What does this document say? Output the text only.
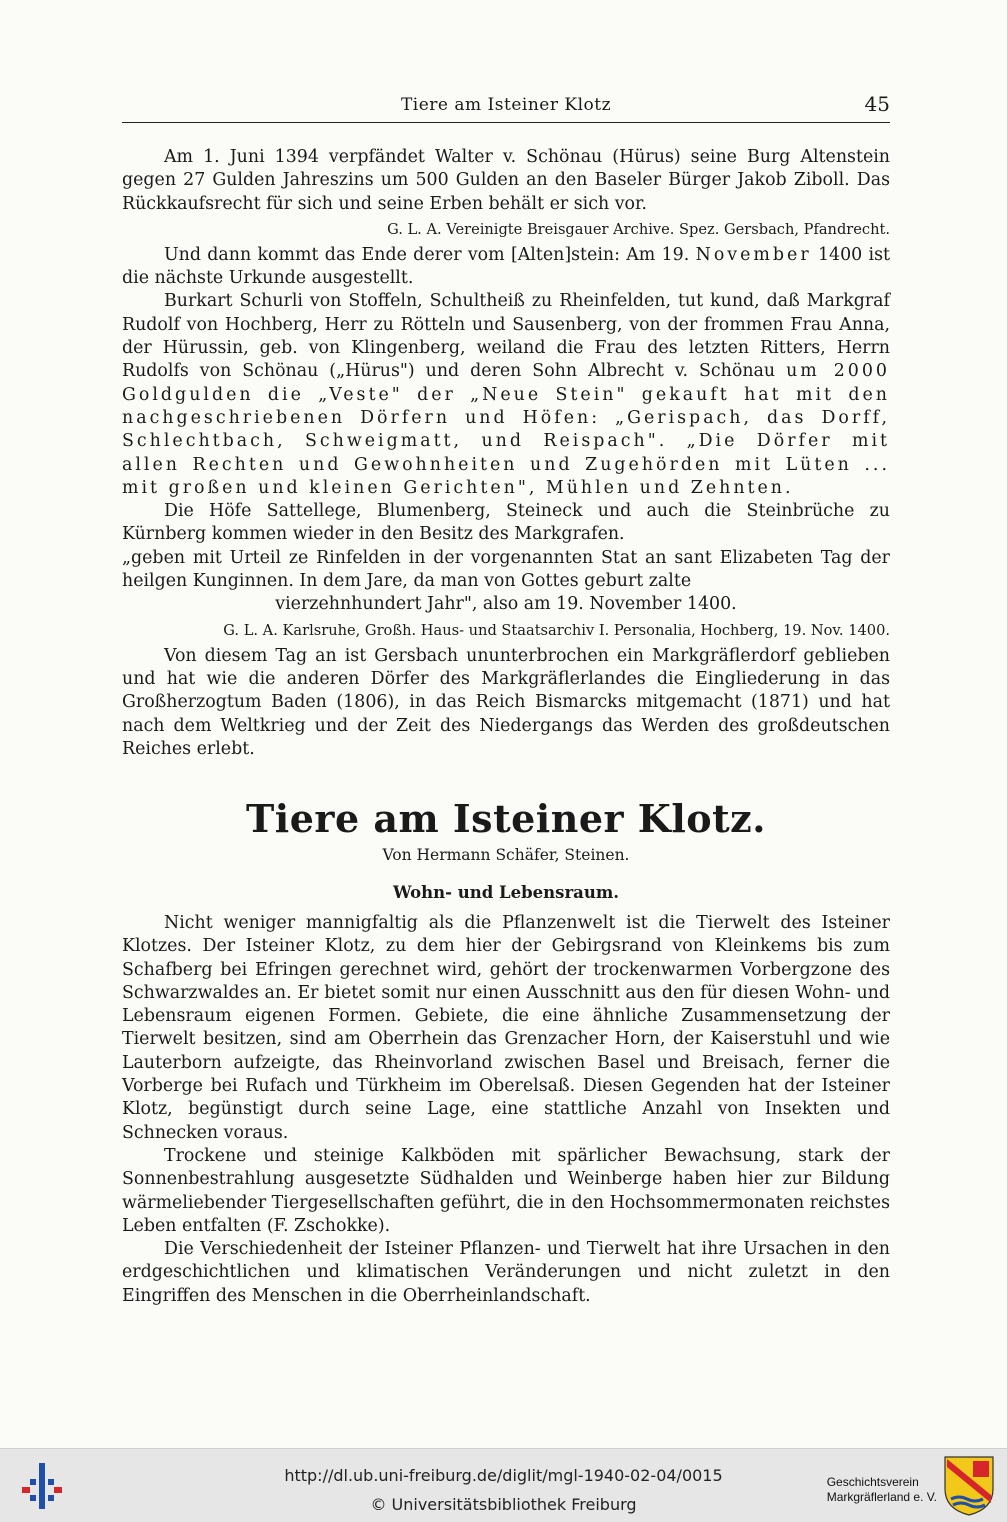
Tiere am Isteiner Klotz	45

Am 1. Juni 1394 verpfändet Walter v. Schönau (Hürus) seine Burg Altenstein gegen 27 Gulden Jahreszins um 500 Gulden an den Baseler Bürger Jakob Ziboll. Das Rückkaufsrecht für sich und seine Erben behält er sich vor.

G. L. A. Vereinigte Breisgauer Archive. Spez. Gersbach, Pfandrecht.

Und dann kommt das Ende derer vom [Alten]stein: Am 19. November 1400 ist die nächste Urkunde ausgestellt.

Burkart Schurli von Stoffeln, Schultheiß zu Rheinfelden, tut kund, daß Markgraf Rudolf von Hochberg, Herr zu Rötteln und Sausenberg, von der frommen Frau Anna, der Hürussin, geb. von Klingenberg, weiland die Frau des letzten Ritters, Herrn Rudolfs von Schönau („Hürus") und deren Sohn Albrecht v. Schönau um 2000 Goldgulden die „Veste" der „Neue Stein" gekauft hat mit den nachgeschriebenen Dörfern und Höfen: „Gerispach, das Dorff, Schlechtbach, Schweigmatt, und Reispach". „Die Dörfer mit allen Rechten und Gewohnheiten und Zugehörden mit Lüten ... mit großen und kleinen Gerichten", Mühlen und Zehnten.

Die Höfe Sattellege, Blumenberg, Steineck und auch die Steinbrüche zu Kürnberg kommen wieder in den Besitz des Markgrafen.

„geben mit Urteil ze Rinfelden in der vorgenannten Stat an sant Elizabeten Tag der heilgen Kunginnen. In dem Jare, da man von Gottes geburt zalte

vierzehnhundert Jahr", also am 19. November 1400.

G. L. A. Karlsruhe, Großh. Haus- und Staatsarchiv I. Personalia, Hochberg, 19. Nov. 1400.

Von diesem Tag an ist Gersbach ununterbrochen ein Markgräflerdorf geblieben und hat wie die anderen Dörfer des Markgräflerlandes die Eingliederung in das Großherzogtum Baden (1806), in das Reich Bismarcks mitgemacht (1871) und hat nach dem Weltkrieg und der Zeit des Niedergangs das Werden des großdeutschen Reiches erlebt.

Tiere am Isteiner Klotz.
Von Hermann Schäfer, Steinen.
Wohn- und Lebensraum.

Nicht weniger mannigfaltig als die Pflanzenwelt ist die Tierwelt des Isteiner Klotzes. Der Isteiner Klotz, zu dem hier der Gebirgsrand von Kleinkems bis zum Schafberg bei Efringen gerechnet wird, gehört der trockenwarmen Vorbergzone des Schwarzwaldes an. Er bietet somit nur einen Ausschnitt aus den für diesen Wohn- und Lebensraum eigenen Formen. Gebiete, die eine ähnliche Zusammensetzung der Tierwelt besitzen, sind am Oberrhein das Grenzacher Horn, der Kaiserstuhl und wie Lauterborn aufzeigte, das Rheinvorland zwischen Basel und Breisach, ferner die Vorberge bei Rufach und Türkheim im Oberelsaß. Diesen Gegenden hat der Isteiner Klotz, begünstigt durch seine Lage, eine stattliche Anzahl von Insekten und Schnecken voraus.

Trockene und steinige Kalkböden mit spärlicher Bewachsung, stark der Sonnenbestrahlung ausgesetzte Südhalden und Weinberge haben hier zur Bildung wärmeliebender Tiergesellschaften geführt, die in den Hochsommermonaten reichstes Leben entfalten (F. Zschokke).

Die Verschiedenheit der Isteiner Pflanzen- und Tierwelt hat ihre Ursachen in den erdgeschichtlichen und klimatischen Veränderungen und nicht zuletzt in den Eingriffen des Menschen in die Oberrheinlandschaft.

http://dl.ub.uni-freiburg.de/diglit/mgl-1940-02-04/0015
© Universitätsbibliothek Freiburg
Geschichtsverein
Markgräflerland e. V.
